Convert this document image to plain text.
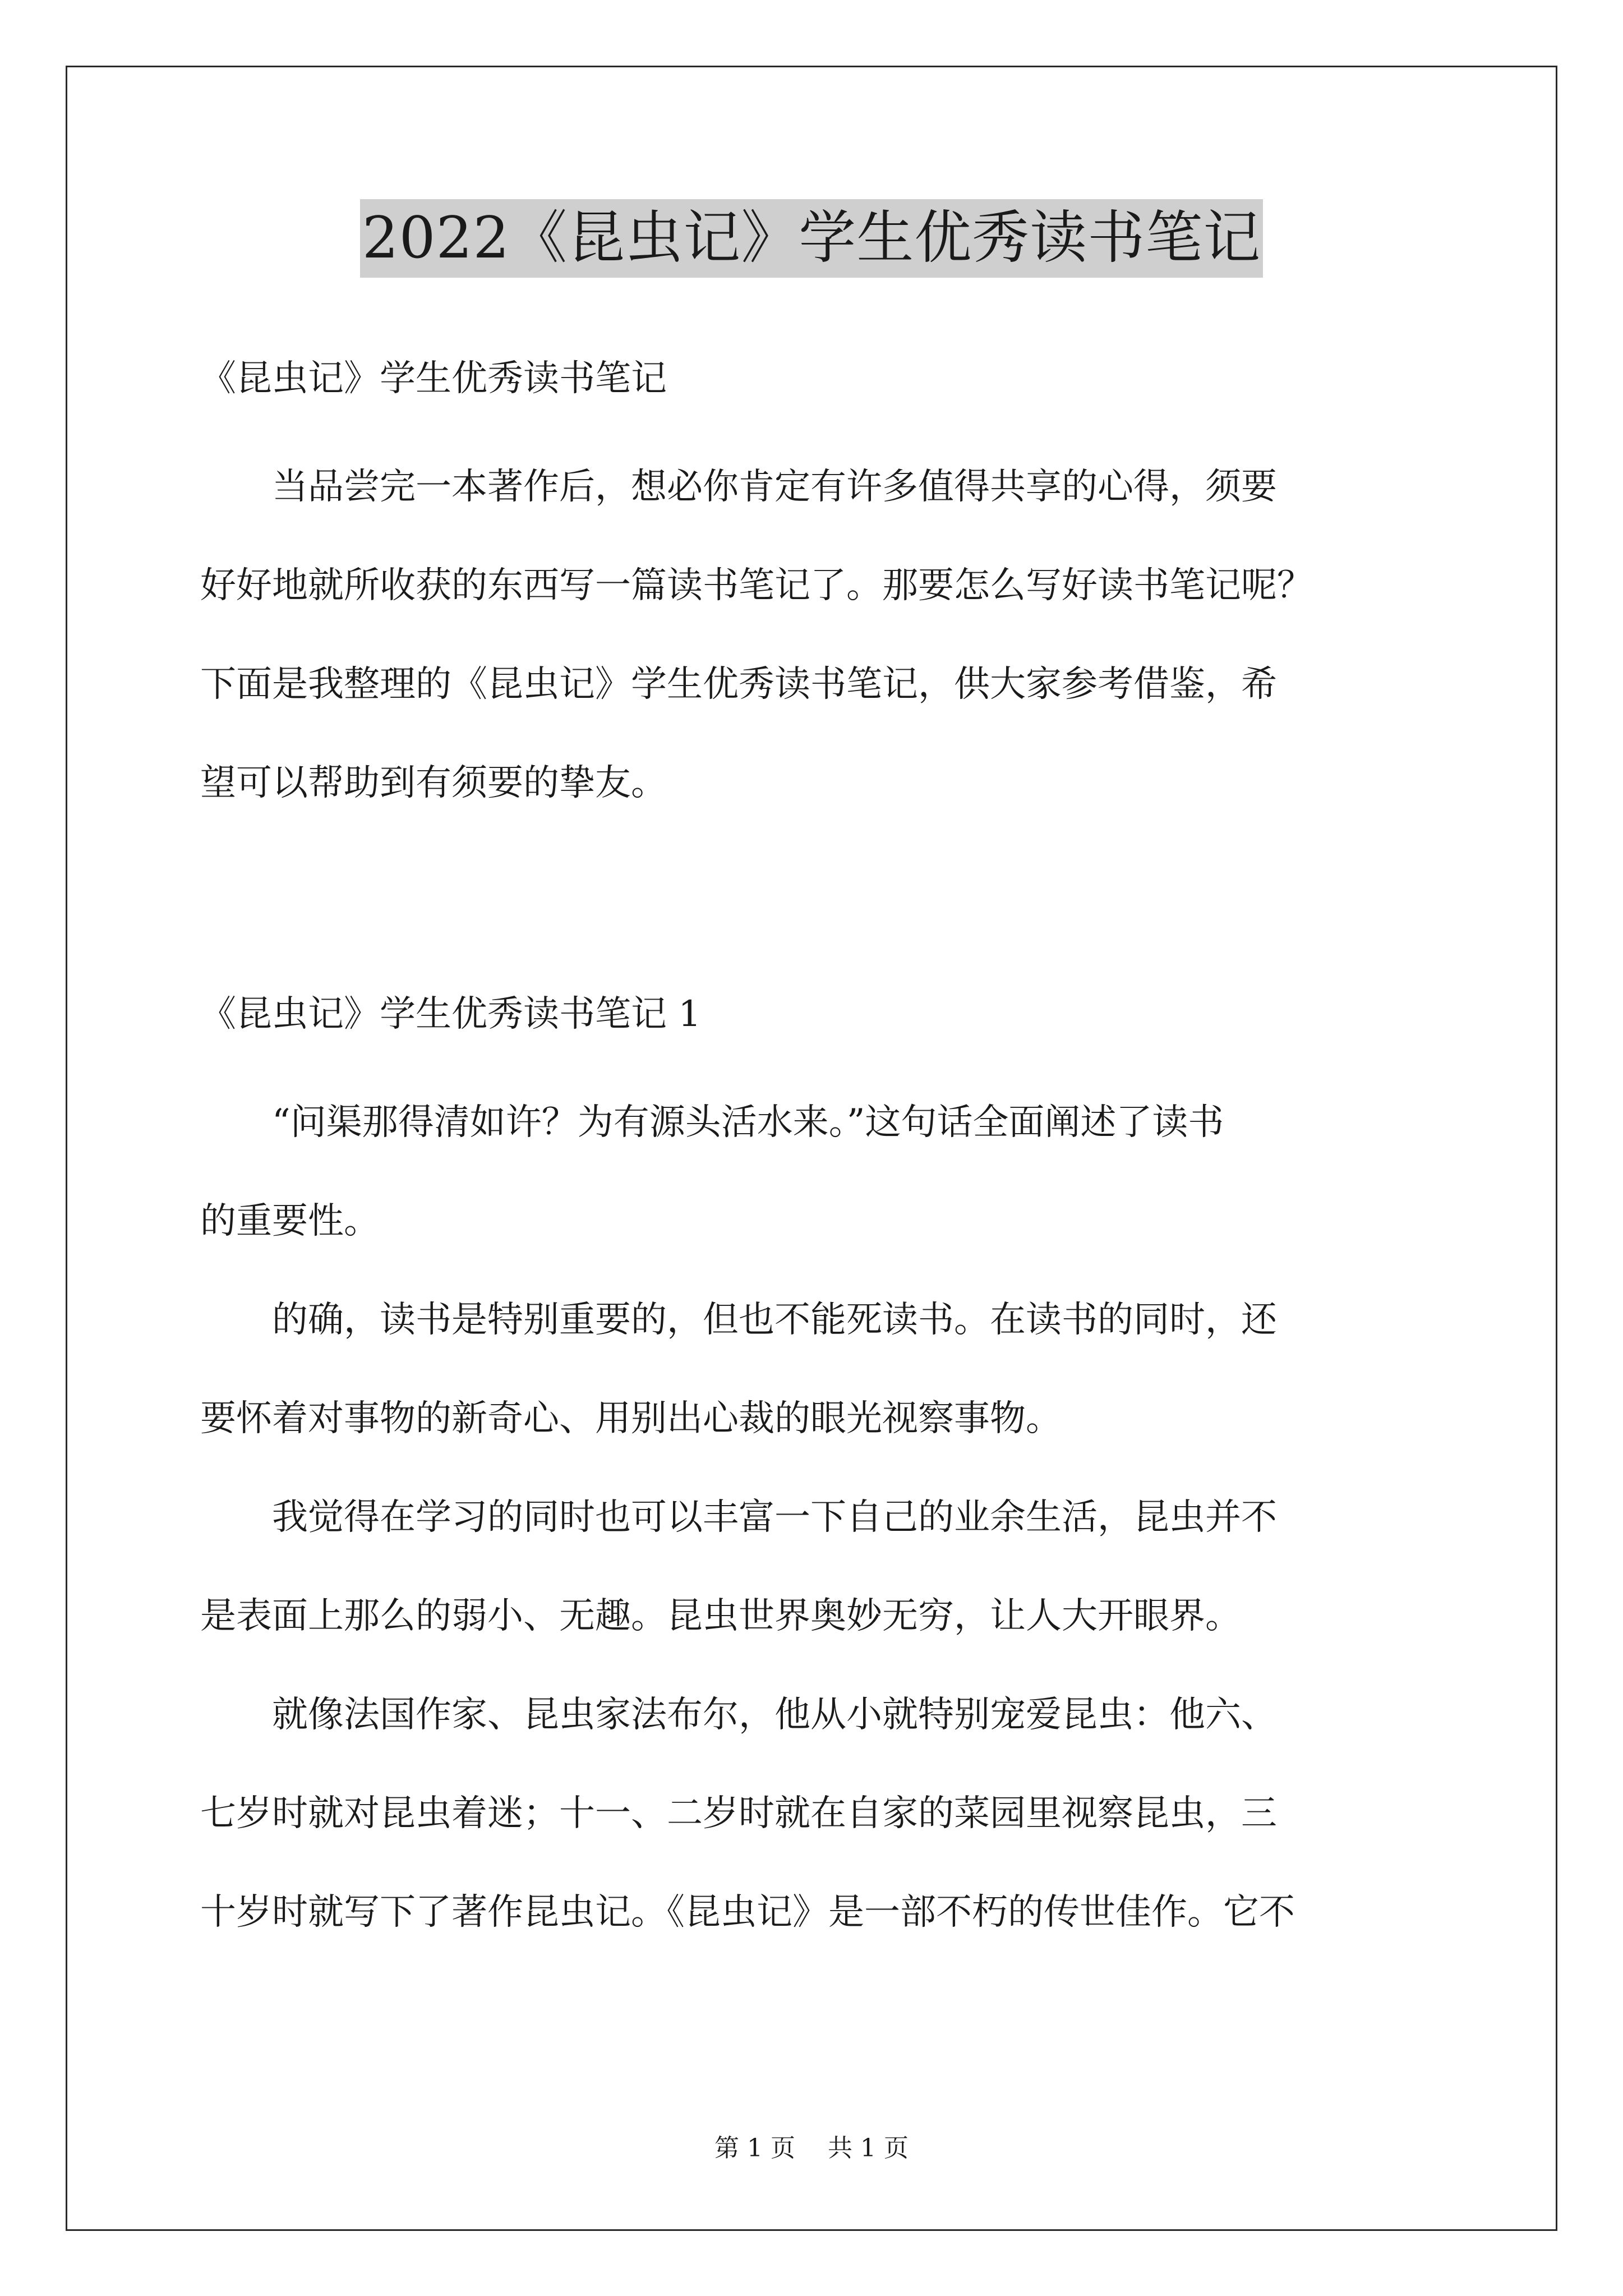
2022《昆虫记》学生优秀读书笔记
《昆虫记》学生优秀读书笔记
　　当品尝完一本著作后，想必你肯定有许多值得共享的心得，须要
好好地就所收获的东西写一篇读书笔记了。那要怎么写好读书笔记呢？
下面是我整理的《昆虫记》学生优秀读书笔记，供大家参考借鉴，希
望可以帮助到有须要的挚友。
《昆虫记》学生优秀读书笔记 1
　　“问渠那得清如许？为有源头活水来。”这句话全面阐述了读书
的重要性。
　　的确，读书是特别重要的，但也不能死读书。在读书的同时，还
要怀着对事物的新奇心、用别出心裁的眼光视察事物。
　　我觉得在学习的同时也可以丰富一下自己的业余生活，昆虫并不
是表面上那么的弱小、无趣。昆虫世界奥妙无穷，让人大开眼界。
　　就像法国作家、昆虫家法布尔，他从小就特别宠爱昆虫：他六、
七岁时就对昆虫着迷；十一、二岁时就在自家的菜园里视察昆虫，三
十岁时就写下了著作昆虫记。《昆虫记》是一部不朽的传世佳作。它不
第 1 页　 共 1 页
